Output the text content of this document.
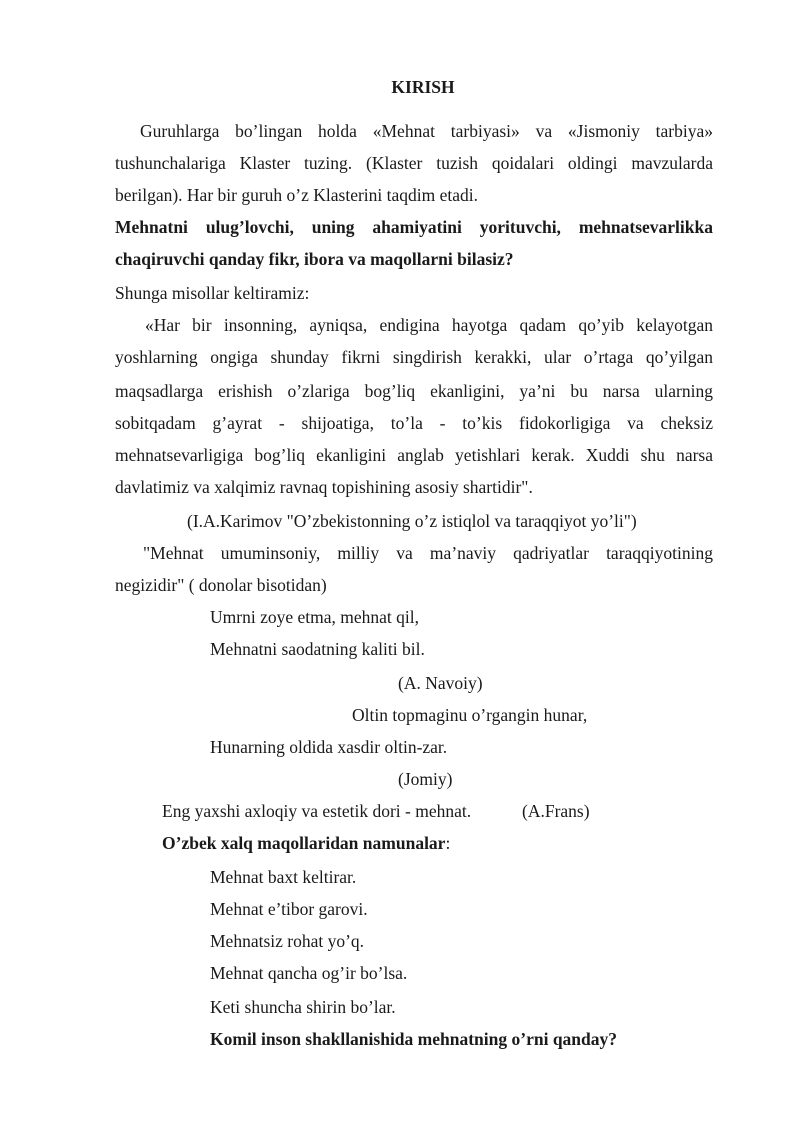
KIRISH
Guruhlarga bo’lingan holda «Mehnat tarbiyasi» va «Jismoniy tarbiya»
tushunchalariga Klaster tuzing. (Klaster tuzish qoidalari oldingi mavzularda
berilgan). Har bir guruh o’z Klasterini taqdim etadi.
Mehnatni ulug’lovchi, uning ahamiyatini yorituvchi, mehnatsevarlikka
chaqiruvchi qanday fikr, ibora va maqollarni bilasiz?
Shunga misollar keltiramiz:
«Har bir insonning, ayniqsa, endigina hayotga qadam qo’yib kelayotgan
yoshlarning ongiga shunday fikrni singdirish kerakki, ular o’rtaga qo’yilgan
maqsadlarga erishish o’zlariga bog’liq ekanligini, ya’ni bu narsa ularning
sobitqadam g’ayrat - shijoatiga, to’la - to’kis fidokorligiga va cheksiz
mehnatsevarligiga bog’liq ekanligini anglab yetishlari kerak. Xuddi shu narsa
davlatimiz va xalqimiz ravnaq topishining asosiy shartidir".
(I.A.Karimov "O’zbekistonning o’z istiqlol va taraqqiyot yo’li")
"Mehnat umuminsoniy, milliy va ma’naviy qadriyatlar taraqqiyotining
negizidir" ( donolar bisotidan)
Umrni zoye etma, mehnat qil,
Mehnatni saodatning kaliti bil.
(A. Navoiy)
Oltin topmaginu o’rgangin hunar,
Hunarning oldida xasdir oltin-zar.
(Jomiy)
Eng yaxshi axloqiy va estetik dori - mehnat.	(A.Frans)
O’zbek xalq maqollaridan namunalar:
Mehnat baxt keltirar.
Mehnat e’tibor garovi.
Mehnatsiz rohat yo’q.
Mehnat qancha og’ir bo’lsa.
Keti shuncha shirin bo’lar.
Komil inson shakllanishida mehnatning o’rni qanday?
